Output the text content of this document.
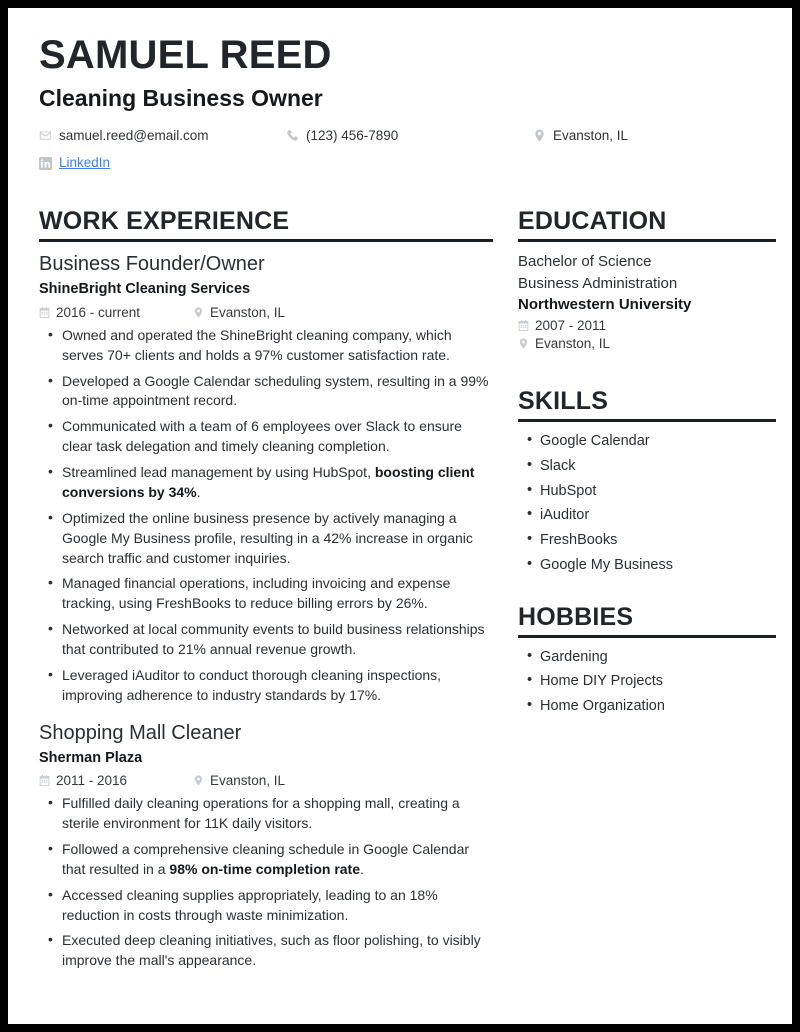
SAMUEL REED
Cleaning Business Owner
samuel.reed@email.com
LinkedIn
(123) 456-7890	Evanston, IL
WORK EXPERIENCE
Business Founder/Owner
ShineBright Cleaning Services
2016 - current	Evanston, IL
• Owned and operated the ShineBright cleaning company, which serves 70+ clients and holds a 97% customer satisfaction rate.
• Developed a Google Calendar scheduling system, resulting in a 99% on-time appointment record.
• Communicated with a team of 6 employees over Slack to ensure clear task delegation and timely cleaning completion.
• Streamlined lead management by using HubSpot, boosting client conversions by 34%.
• Optimized the online business presence by actively managing a Google My Business profile, resulting in a 42% increase in organic search traffic and customer inquiries.
• Managed financial operations, including invoicing and expense tracking, using FreshBooks to reduce billing errors by 26%.
• Networked at local community events to build business relationships that contributed to 21% annual revenue growth.
• Leveraged iAuditor to conduct thorough cleaning inspections, improving adherence to industry standards by 17%.
Shopping Mall Cleaner
Sherman Plaza
2011 - 2016	Evanston, IL
• Fulfilled daily cleaning operations for a shopping mall, creating a sterile environment for 11K daily visitors.
• Followed a comprehensive cleaning schedule in Google Calendar that resulted in a 98% on-time completion rate.
• Accessed cleaning supplies appropriately, leading to an 18% reduction in costs through waste minimization.
• Executed deep cleaning initiatives, such as floor polishing, to visibly improve the mall's appearance.
EDUCATION
Bachelor of Science
Business Administration
Northwestern University
2007 - 2011
Evanston, IL
SKILLS
• Google Calendar
• Slack
• HubSpot
• iAuditor
• FreshBooks
• Google My Business
HOBBIES
• Gardening
• Home DIY Projects
• Home Organization
